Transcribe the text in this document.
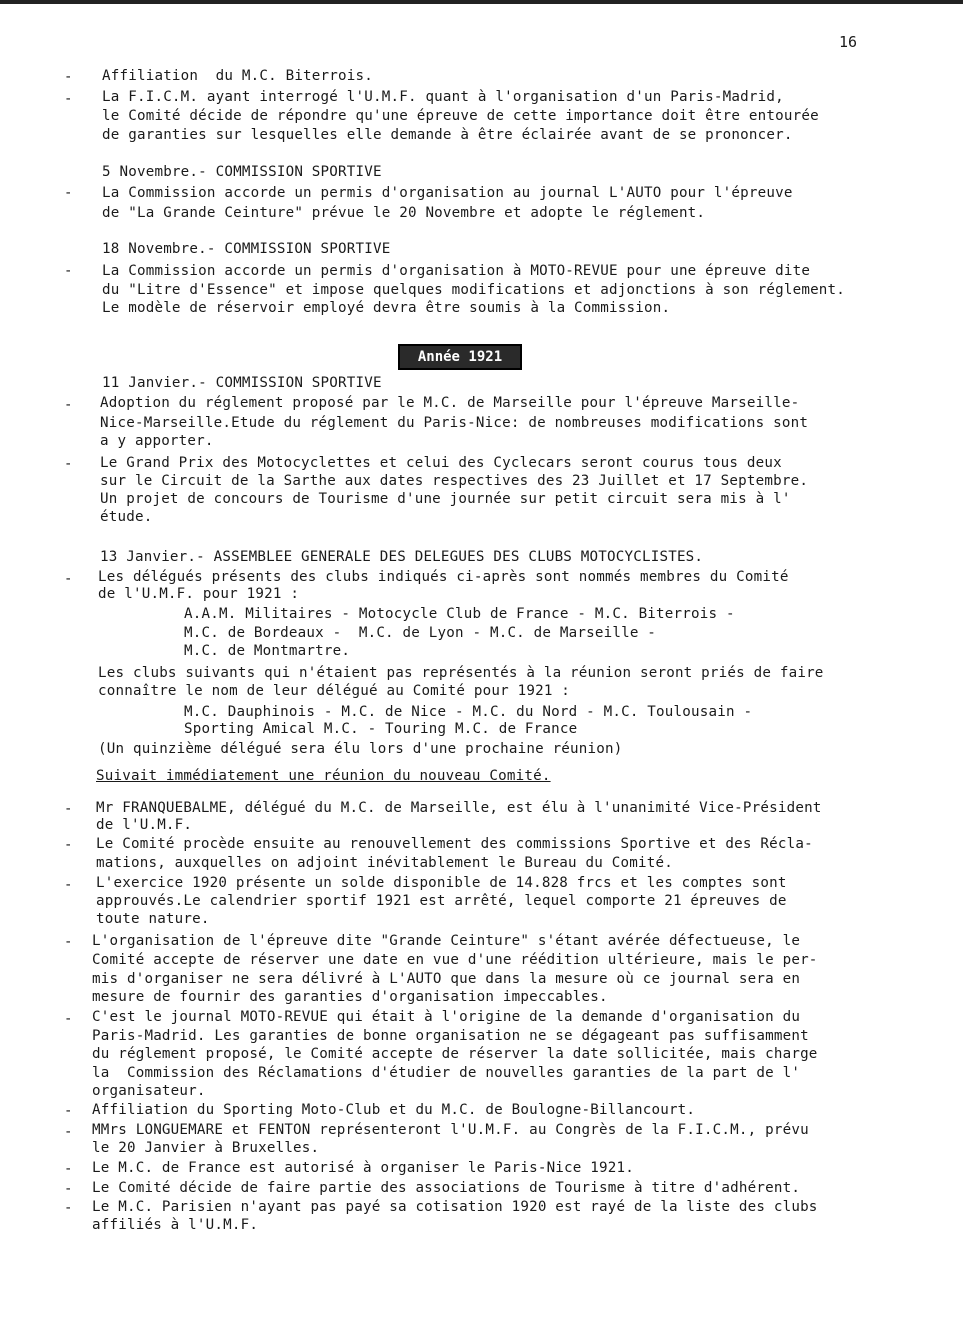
16
Année 1921
Affiliation  du M.C. Biterrois.
La F.I.C.M. ayant interrogé l'U.M.F. quant à l'organisation d'un Paris-Madrid,
le Comité décide de répondre qu'une épreuve de cette importance doit être entourée
de garanties sur lesquelles elle demande à être éclairée avant de se prononcer.
5 Novembre.- COMMISSION SPORTIVE
La Commission accorde un permis d'organisation au journal L'AUTO pour l'épreuve
de "La Grande Ceinture" prévue le 20 Novembre et adopte le réglement.
18 Novembre.- COMMISSION SPORTIVE
La Commission accorde un permis d'organisation à MOTO-REVUE pour une épreuve dite
du "Litre d'Essence" et impose quelques modifications et adjonctions à son réglement.
Le modèle de réservoir employé devra être soumis à la Commission.
11 Janvier.- COMMISSION SPORTIVE
Adoption du réglement proposé par le M.C. de Marseille pour l'épreuve Marseille-
Nice-Marseille.Etude du réglement du Paris-Nice: de nombreuses modifications sont
a y apporter.
Le Grand Prix des Motocyclettes et celui des Cyclecars seront courus tous deux
sur le Circuit de la Sarthe aux dates respectives des 23 Juillet et 17 Septembre.
Un projet de concours de Tourisme d'une journée sur petit circuit sera mis à l'
étude.
13 Janvier.- ASSEMBLEE GENERALE DES DELEGUES DES CLUBS MOTOCYCLISTES.
Les délégués présents des clubs indiqués ci-après sont nommés membres du Comité
de l'U.M.F. pour 1921 :
A.A.M. Militaires - Motocycle Club de France - M.C. Biterrois -
M.C. de Bordeaux -  M.C. de Lyon - M.C. de Marseille -
M.C. de Montmartre.
Les clubs suivants qui n'étaient pas représentés à la réunion seront priés de faire
connaître le nom de leur délégué au Comité pour 1921 :
M.C. Dauphinois - M.C. de Nice - M.C. du Nord - M.C. Toulousain -
Sporting Amical M.C. - Touring M.C. de France
(Un quinzième délégué sera élu lors d'une prochaine réunion)
Suivait immédiatement une réunion du nouveau Comité.
Mr FRANQUEBALME, délégué du M.C. de Marseille, est élu à l'unanimité Vice-Président
de l'U.M.F.
Le Comité procède ensuite au renouvellement des commissions Sportive et des Récla-
mations, auxquelles on adjoint inévitablement le Bureau du Comité.
L'exercice 1920 présente un solde disponible de 14.828 frcs et les comptes sont
approuvés.Le calendrier sportif 1921 est arrêté, lequel comporte 21 épreuves de
toute nature.
L'organisation de l'épreuve dite "Grande Ceinture" s'étant avérée défectueuse, le
Comité accepte de réserver une date en vue d'une réédition ultérieure, mais le per-
mis d'organiser ne sera délivré à L'AUTO que dans la mesure où ce journal sera en
mesure de fournir des garanties d'organisation impeccables.
C'est le journal MOTO-REVUE qui était à l'origine de la demande d'organisation du
Paris-Madrid. Les garanties de bonne organisation ne se dégageant pas suffisamment
du réglement proposé, le Comité accepte de réserver la date sollicitée, mais charge
la  Commission des Réclamations d'étudier de nouvelles garanties de la part de l'
organisateur.
Affiliation du Sporting Moto-Club et du M.C. de Boulogne-Billancourt.
MMrs LONGUEMARE et FENTON représenteront l'U.M.F. au Congrès de la F.I.C.M., prévu
le 20 Janvier à Bruxelles.
Le M.C. de France est autorisé à organiser le Paris-Nice 1921.
Le Comité décide de faire partie des associations de Tourisme à titre d'adhérent.
Le M.C. Parisien n'ayant pas payé sa cotisation 1920 est rayé de la liste des clubs
affiliés à l'U.M.F.
-
-
-
-
-
-
-
-
-
-
-
-
-
-
-
-
-
